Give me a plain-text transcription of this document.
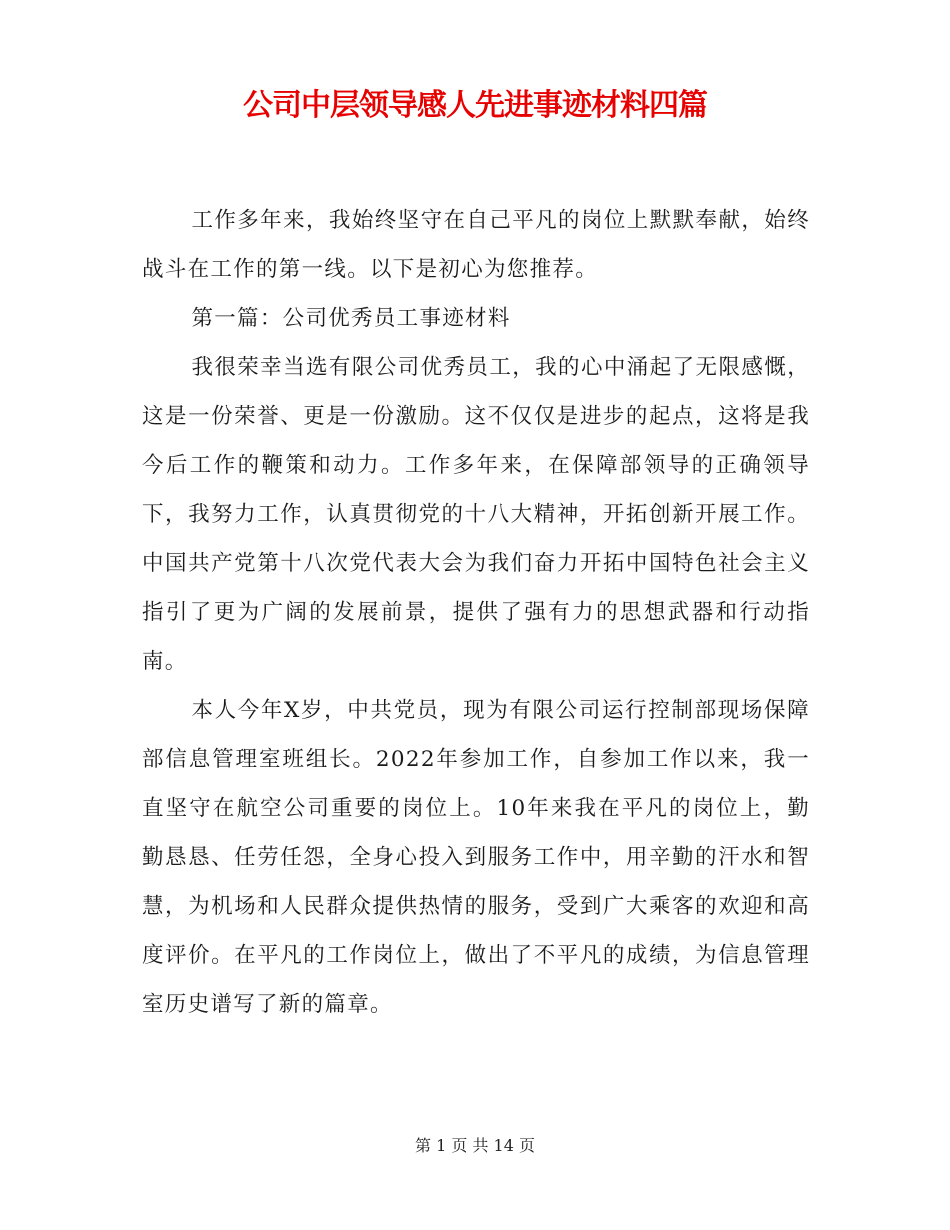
公司中层领导感人先进事迹材料四篇

工作多年来，我始终坚守在自己平凡的岗位上默默奉献，始终战斗在工作的第一线。以下是初心为您推荐。

第一篇：公司优秀员工事迹材料

我很荣幸当选有限公司优秀员工，我的心中涌起了无限感慨，这是一份荣誉、更是一份激励。这不仅仅是进步的起点，这将是我今后工作的鞭策和动力。工作多年来，在保障部领导的正确领导下，我努力工作，认真贯彻党的十八大精神，开拓创新开展工作。中国共产党第十八次党代表大会为我们奋力开拓中国特色社会主义指引了更为广阔的发展前景，提供了强有力的思想武器和行动指南。

本人今年X岁，中共党员，现为有限公司运行控制部现场保障部信息管理室班组长。2022年参加工作，自参加工作以来，我一直坚守在航空公司重要的岗位上。10年来我在平凡的岗位上，勤勤恳恳、任劳任怨，全身心投入到服务工作中，用辛勤的汗水和智慧，为机场和人民群众提供热情的服务，受到广大乘客的欢迎和高度评价。在平凡的工作岗位上，做出了不平凡的成绩，为信息管理室历史谱写了新的篇章。

第 1 页 共 14 页
